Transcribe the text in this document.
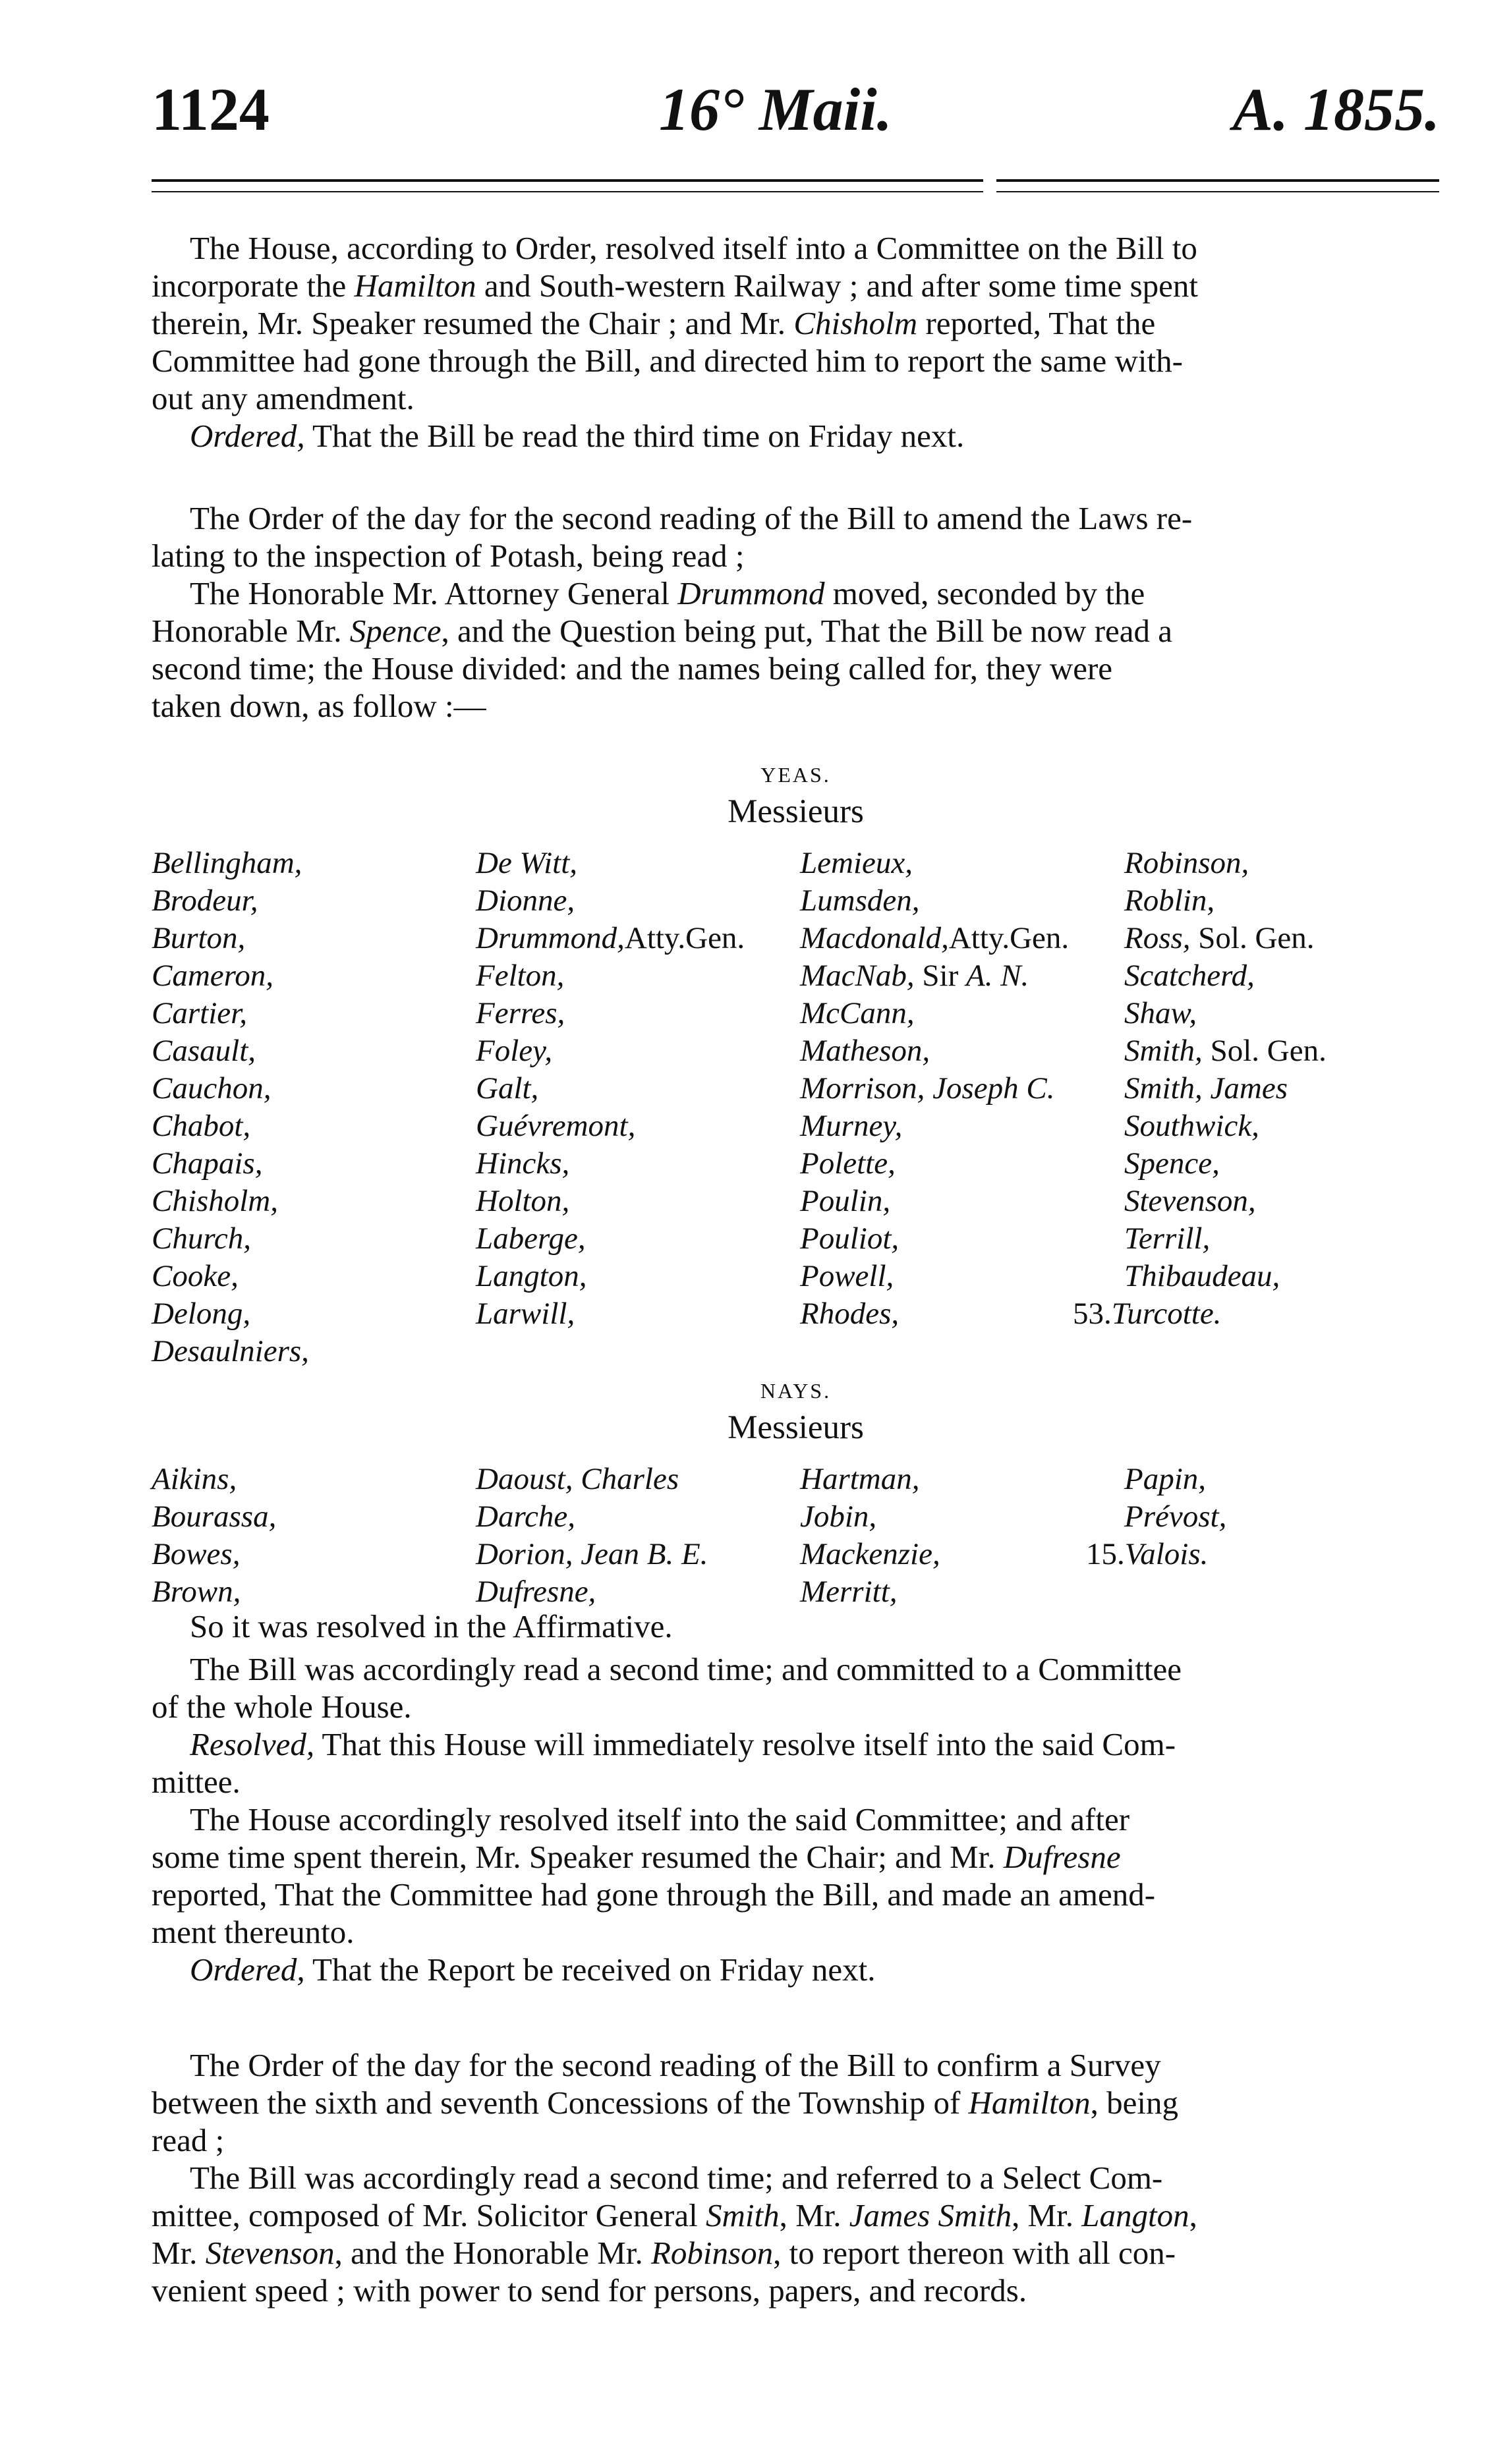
1124	16° Maii.	A. 1855.

The House, according to Order, resolved itself into a Committee on the Bill to

incorporate the Hamilton and South-western Railway ; and after some time spent

therein, Mr. Speaker resumed the Chair ; and Mr. Chisholm reported, That the

Committee had gone through the Bill, and directed him to report the same with-

out any amendment.

Ordered, That the Bill be read the third time on Friday next.

The Order of the day for the second reading of the Bill to amend the Laws re-

lating to the inspection of Potash, being read ;

The Honorable Mr. Attorney General Drummond moved, seconded by the

Honorable Mr. Spence, and the Question being put, That the Bill be now read a

second time; the House divided: and the names being called for, they were

taken down, as follow :—

YEAS.
Messieurs
Bellingham,	De Witt,	Lemieux,	Robinson,
Brodeur,	Dionne,	Lumsden,	Roblin,
Burton,	Drummond,Atty.Gen.	Macdonald,Atty.Gen.	Ross, Sol. Gen.
Cameron,	Felton,	MacNab, Sir A. N.	Scatcherd,
Cartier,	Ferres,	McCann,	Shaw,
Casault,	Foley,	Matheson,	Smith, Sol. Gen.
Cauchon,	Galt,	Morrison, Joseph C.	Smith, James
Chabot,	Guévremont,	Murney,	Southwick,
Chapais,	Hincks,	Polette,	Spence,
Chisholm,	Holton,	Poulin,	Stevenson,
Church,	Laberge,	Pouliot,	Terrill,
Cooke,	Langton,	Powell,	Thibaudeau,
Delong,	Larwill,	Rhodes,	53.Turcotte.
Desaulniers,			
NAYS.
Messieurs
Aikins,	Daoust, Charles	Hartman,	Papin,
Bourassa,	Darche,	Jobin,	Prévost,
Bowes,	Dorion, Jean B. E.	Mackenzie,	15.Valois.
Brown,	Dufresne,	Merritt,	

So it was resolved in the Affirmative.

The Bill was accordingly read a second time; and committed to a Committee

of the whole House.

Resolved, That this House will immediately resolve itself into the said Com-

mittee.

The House accordingly resolved itself into the said Committee; and after

some time spent therein, Mr. Speaker resumed the Chair; and Mr. Dufresne

reported, That the Committee had gone through the Bill, and made an amend-

ment thereunto.

Ordered, That the Report be received on Friday next.

The Order of the day for the second reading of the Bill to confirm a Survey

between the sixth and seventh Concessions of the Township of Hamilton, being

read ;

The Bill was accordingly read a second time; and referred to a Select Com-

mittee, composed of Mr. Solicitor General Smith, Mr. James Smith, Mr. Langton,

Mr. Stevenson, and the Honorable Mr. Robinson, to report thereon with all con-

venient speed ; with power to send for persons, papers, and records.
